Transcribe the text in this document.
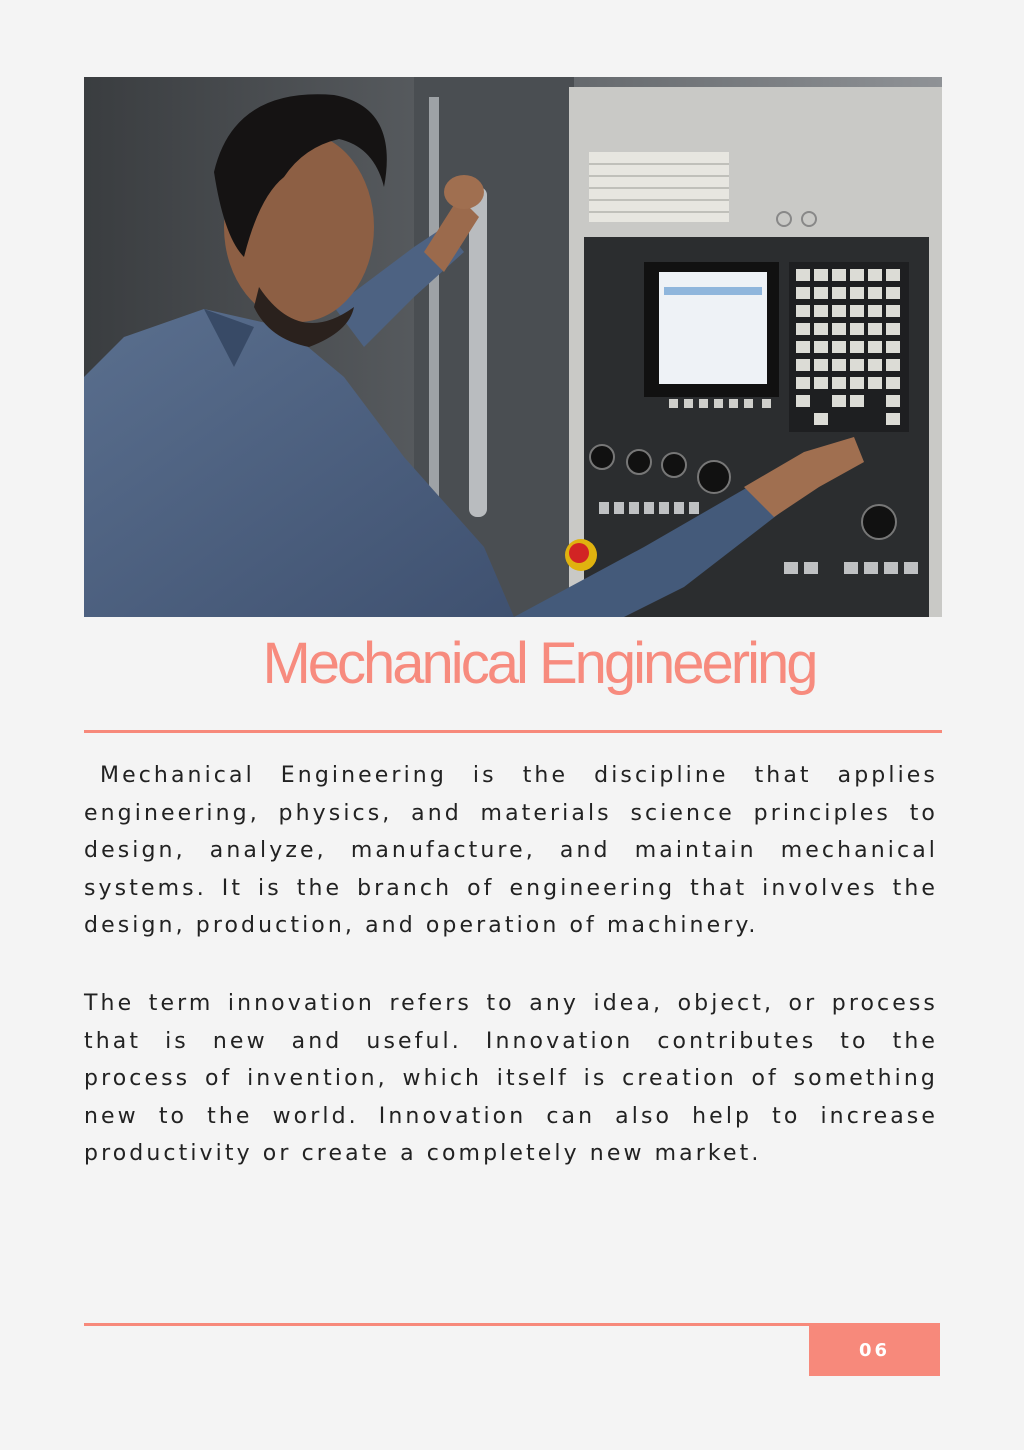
Mechanical Engineering

Mechanical Engineering is the discipline that applies engineering, physics, and materials science principles to design, analyze, manufacture, and maintain mechanical systems. It is the branch of engineering that involves the design, production, and operation of machinery.

The term innovation refers to any idea, object, or process that is new and useful. Innovation contributes to the process of invention, which itself is creation of something new to the world. Innovation can also help to increase productivity or create a completely new market.

06
